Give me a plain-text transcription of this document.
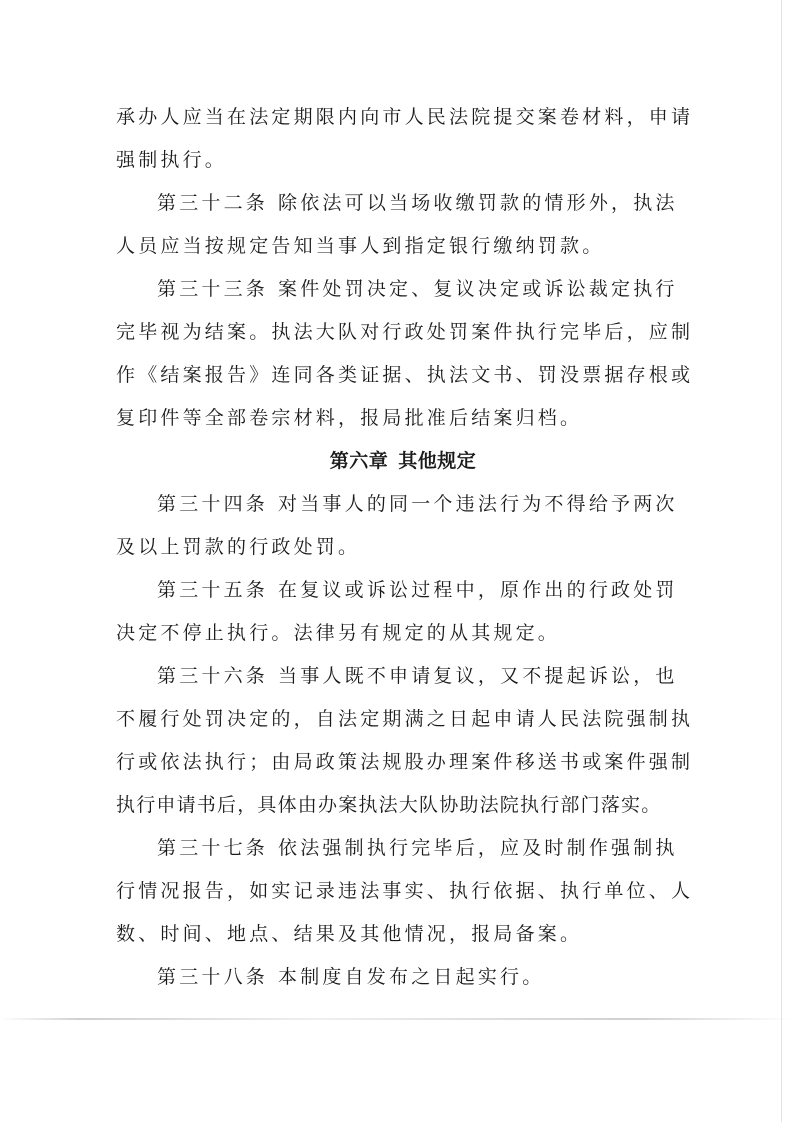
承办人应当在法定期限内向市人民法院提交案卷材料，申请
强制执行。
第三十二条 除依法可以当场收缴罚款的情形外，执法
人员应当按规定告知当事人到指定银行缴纳罚款。
第三十三条 案件处罚决定、复议决定或诉讼裁定执行
完毕视为结案。执法大队对行政处罚案件执行完毕后，应制
作《结案报告》连同各类证据、执法文书、罚没票据存根或
复印件等全部卷宗材料，报局批准后结案归档。
第六章 其他规定
第三十四条 对当事人的同一个违法行为不得给予两次
及以上罚款的行政处罚。
第三十五条 在复议或诉讼过程中，原作出的行政处罚
决定不停止执行。法律另有规定的从其规定。
第三十六条 当事人既不申请复议，又不提起诉讼，也
不履行处罚决定的，自法定期满之日起申请人民法院强制执
行或依法执行；由局政策法规股办理案件移送书或案件强制
执行申请书后，具体由办案执法大队协助法院执行部门落实。
第三十七条 依法强制执行完毕后，应及时制作强制执
行情况报告，如实记录违法事实、执行依据、执行单位、人
数、时间、地点、结果及其他情况，报局备案。
第三十八条 本制度自发布之日起实行。
